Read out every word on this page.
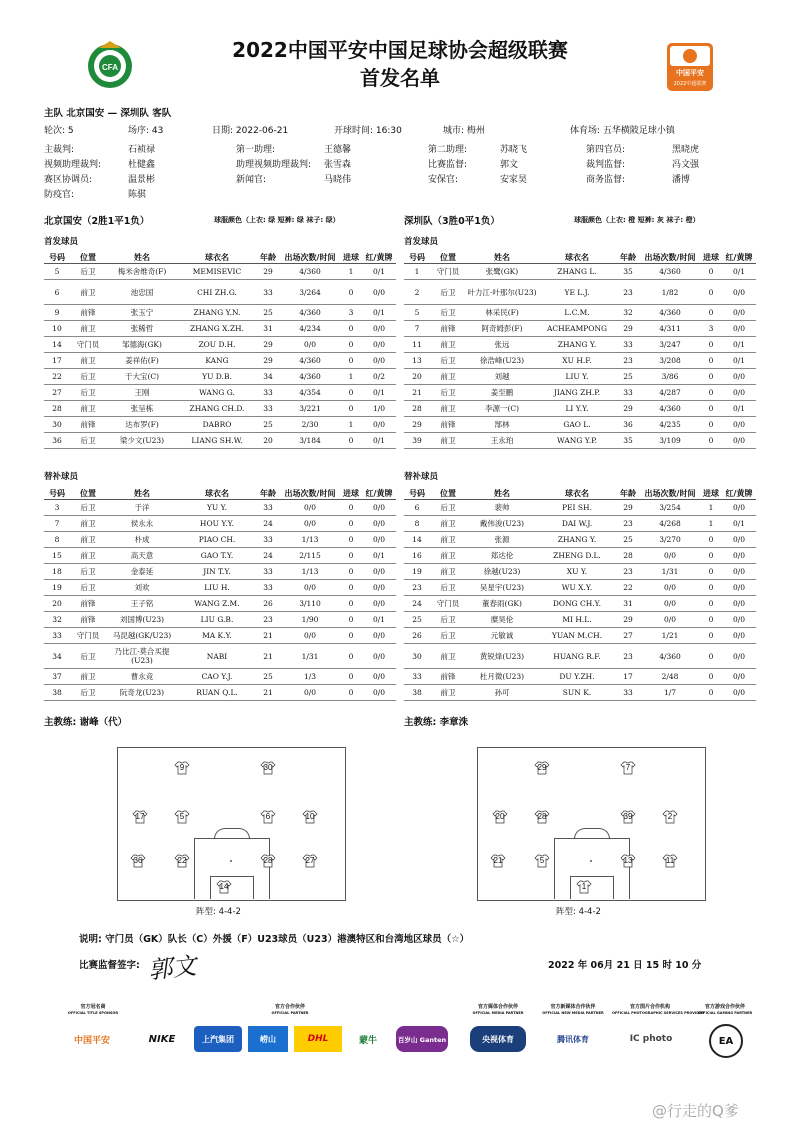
2022中国平安中国足球协会超级联赛
首发名单
CFA
中国平安
2022中超联赛
主队 北京国安 — 深圳队 客队
轮次: 5	场序: 43	日期: 2022-06-21	开球时间: 16:30	城市: 梅州	体育场: 五华横陂足球小镇
主裁判:	石祯禄	第一助理:	王德馨	第二助理:	苏晓飞	第四官员:	黑晓虎
视频助理裁判:	杜健鑫	助理视频助理裁判: 张雪森	比赛监督:	郭文	裁判监督:	冯文强
赛区协调员:	温景彬	新闻官:	马晓伟	安保官:	安家昊	商务监督:	潘博
防疫官:	陈骐
北京国安（2胜1平1负）	球服颜色（上衣: 绿 短裤: 绿 袜子: 绿）	深圳队（3胜0平1负）	球服颜色（上衣: 橙 短裤: 灰 袜子: 橙）
首发球员	首发球员
号码	位置	姓名	球衣名	年龄	出场次数/时间	进球	红/黄牌
5	后卫	梅米舍维奇(F)	MEMISEVIC	29	4/360	1	0/1
6	前卫	池忠国	CHI ZH.G.	33	3/264	0	0/0
9	前锋	张玉宁	ZHANG Y.N.	25	4/360	3	0/1
10	前卫	张稀哲	ZHANG X.ZH.	31	4/234	0	0/0
14	守门员	邹德海(GK)	ZOU D.H.	29	0/0	0	0/0
17	前卫	姜祥佑(F)	KANG	29	4/360	0	0/0
22	后卫	于大宝(C)	YU D.B.	34	4/360	1	0/2
27	后卫	王刚	WANG G.	33	4/354	0	0/1
28	前卫	张呈栋	ZHANG CH.D.	33	3/221	0	1/0
30	前锋	达布罗(F)	DABRO	25	2/30	1	0/0
36	后卫	梁少文(U23)	LIANG SH.W.	20	3/184	0	0/1
号码	位置	姓名	球衣名	年龄	出场次数/时间	进球	红/黄牌
1	守门员	张鹭(GK)	ZHANG L.	35	4/360	0	0/1
2	后卫	叶力江·叶那尔(U23)	YE L.J.	23	1/82	0	0/0
5	后卫	林采民(F)	L.C.M.	32	4/360	0	0/0
7	前锋	阿奇姆彭(F)	ACHEAMPONG	29	4/311	3	0/0
11	前卫	张远	ZHANG Y.	33	3/247	0	0/1
13	后卫	徐浩峰(U23)	XU H.F.	23	3/208	0	0/1
20	前卫	刘越	LIU Y.	25	3/86	0	0/0
21	后卫	姜至鹏	JIANG ZH.P.	33	4/287	0	0/0
28	前卫	李源一(C)	LI Y.Y.	29	4/360	0	0/1
29	前锋	郜林	GAO L.	36	4/235	0	0/0
39	前卫	王永珀	WANG Y.P.	35	3/109	0	0/0
替补球员	替补球员
号码	位置	姓名	球衣名	年龄	出场次数/时间	进球	红/黄牌
3	后卫	于洋	YU Y.	33	0/0	0	0/0
7	前卫	侯永永	HOU Y.Y.	24	0/0	0	0/0
8	前卫	朴成	PIAO CH.	33	1/13	0	0/0
15	前卫	高天意	GAO T.Y.	24	2/115	0	0/1
18	后卫	金泰延	JIN T.Y.	33	1/13	0	0/0
19	后卫	刘欢	LIU H.	33	0/0	0	0/0
20	前锋	王子铭	WANG Z.M.	26	3/110	0	0/0
32	前锋	刘国博(U23)	LIU G.B.	23	1/90	0	0/1
33	守门员	马昆越(GK/U23)	MA K.Y.	21	0/0	0	0/0
34	后卫	乃比江·莫合买提(U23)	NABI	21	1/31	0	0/0
37	前卫	曹永竞	CAO Y.J.	25	1/3	0	0/0
38	后卫	阮奇龙(U23)	RUAN Q.L.	21	0/0	0	0/0
号码	位置	姓名	球衣名	年龄	出场次数/时间	进球	红/黄牌
6	后卫	裴帅	PEI SH.	29	3/254	1	0/0
8	前卫	戴伟浚(U23)	DAI W.J.	23	4/268	1	0/1
14	前卫	张源	ZHANG Y.	25	3/270	0	0/0
16	前卫	郑达伦	ZHENG D.L.	28	0/0	0	0/0
19	前卫	徐越(U23)	XU Y.	23	1/31	0	0/0
23	后卫	吴星宇(U23)	WU X.Y.	22	0/0	0	0/0
24	守门员	董春雨(GK)	DONG CH.Y.	31	0/0	0	0/0
25	后卫	糜昊伦	MI H.L.	29	0/0	0	0/0
26	后卫	元敏诚	YUAN M.CH.	27	1/21	0	0/0
30	前卫	黄锐烽(U23)	HUANG R.F.	23	4/360	0	0/0
33	前锋	杜月徵(U23)	DU Y.ZH.	17	2/48	0	0/0
38	前卫	孙可	SUN K.	33	1/7	0	0/0
主教练: 谢峰（代）	主教练: 李章洙
9	30
17	5	6	10
36	22	28	27
14
29	7
20	28	39	2
21	5	13	11
1
阵型: 4-4-2	阵型: 4-4-2
说明: 守门员（GK）队长（C）外援（F）U23球员（U23）港澳特区和台湾地区球员（☆）
比赛监督签字: 郭文	2022 年 06月 21 日 15 时 10 分
官方冠名商
OFFICIAL TITLE SPONSOR
官方合作伙伴
OFFICIAL PARTNER
官方媒体合作伙伴
OFFICIAL MEDIA PARTNER
官方新媒体合作伙伴
OFFICIAL NEW MEDIA PARTNER
官方图片合作机构
OFFICIAL PHOTOGRAPHIC SERVICES PROVIDER
官方游戏合作伙伴
OFFICIAL GAMING PARTNER
中国平安	NIKE	上汽集团	崂山	DHL	蒙牛	百岁山 Ganten	央视体育	腾讯体育	IC photo	EA
@行走的Q爹
